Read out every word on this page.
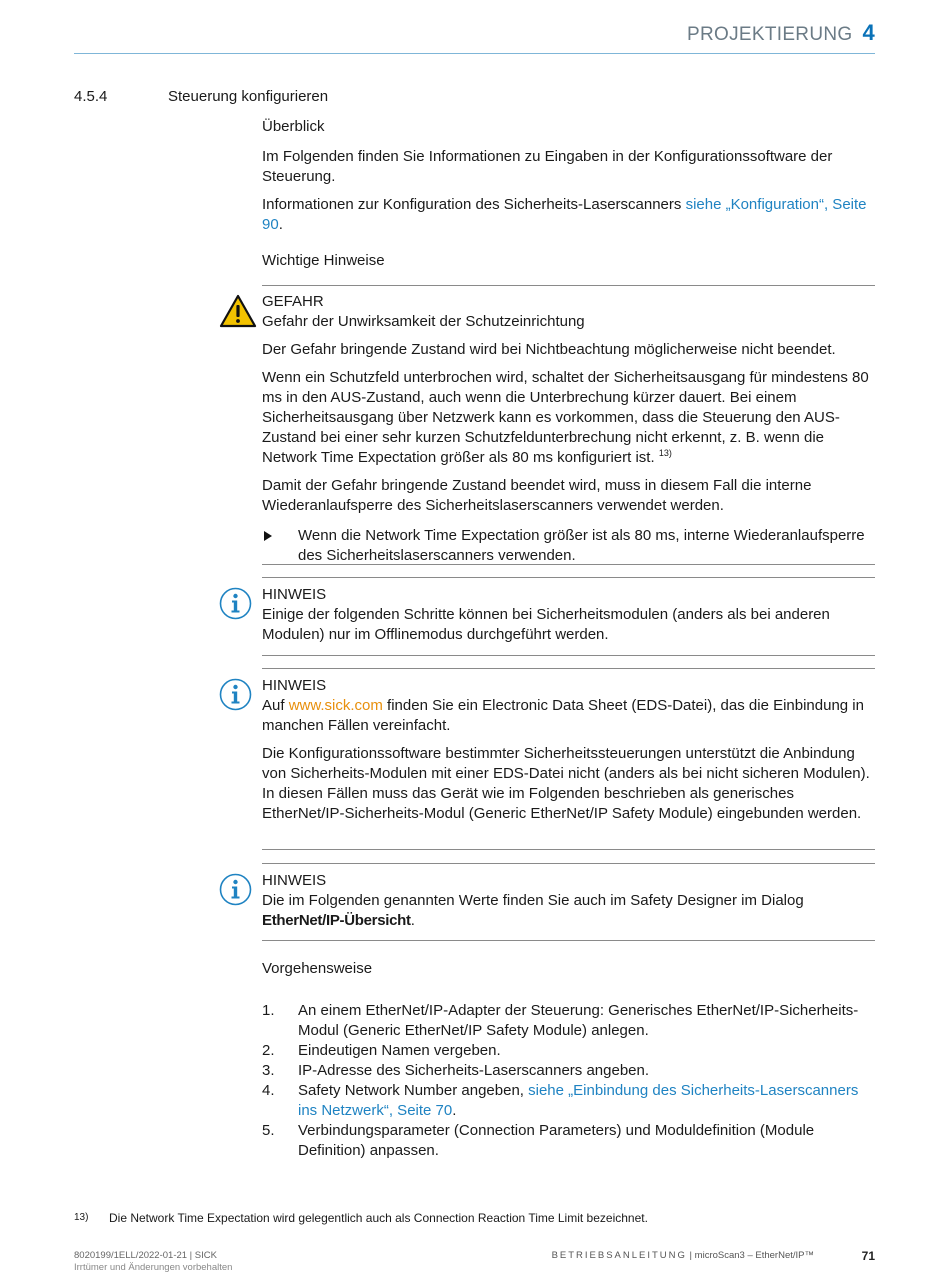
PROJEKTIERUNG 4
4.5.4	Steuerung konfigurieren

Überblick

Im Folgenden finden Sie Informationen zu Eingaben in der Konfigurationssoftware der Steuerung.

Informationen zur Konfiguration des Sicherheits-Laserscanners siehe „Konfiguration“, Seite 90.

Wichtige Hinweise
GEFAHR

Gefahr der Unwirksamkeit der Schutzeinrichtung

Der Gefahr bringende Zustand wird bei Nichtbeachtung möglicherweise nicht beendet.

Wenn ein Schutzfeld unterbrochen wird, schaltet der Sicherheitsausgang für mindestens 80 ms in den AUS-Zustand, auch wenn die Unterbrechung kürzer dauert. Bei einem Sicherheitsausgang über Netzwerk kann es vorkommen, dass die Steuerung den AUS-Zustand bei einer sehr kurzen Schutzfeldunterbrechung nicht erkennt, z. B. wenn die Network Time Expectation größer als 80 ms konfiguriert ist. $^{13)}$

Damit der Gefahr bringende Zustand beendet wird, muss in diesem Fall die interne Wiederanlaufsperre des Sicherheitslaserscanners verwendet werden.

Wenn die Network Time Expectation größer ist als 80 ms, interne Wiederanlaufsperre des Sicherheitslaserscanners verwenden.
HINWEIS

Einige der folgenden Schritte können bei Sicherheitsmodulen (anders als bei anderen Modulen) nur im Offlinemodus durchgeführt werden.

HINWEIS

Auf www.sick.com finden Sie ein Electronic Data Sheet (EDS-Datei), das die Einbindung in manchen Fällen vereinfacht.

Die Konfigurationssoftware bestimmter Sicherheitssteuerungen unterstützt die Anbindung von Sicherheits-Modulen mit einer EDS-Datei nicht (anders als bei nicht sicheren Modulen). In diesen Fällen muss das Gerät wie im Folgenden beschrieben als generisches EtherNet/IP-Sicherheits-Modul (Generic EtherNet/IP Safety Module) eingebunden werden.

HINWEIS

Die im Folgenden genannten Werte finden Sie auch im Safety Designer im Dialog EtherNet/IP-Übersicht.

Vorgehensweise

1. An einem EtherNet/IP-Adapter der Steuerung: Generisches EtherNet/IP-Sicherheits-Modul (Generic EtherNet/IP Safety Module) anlegen.
2. Eindeutigen Namen vergeben.
3. IP-Adresse des Sicherheits-Laserscanners angeben.
4. Safety Network Number angeben, siehe „Einbindung des Sicherheits-Laserscanners ins Netzwerk“, Seite 70.
5. Verbindungsparameter (Connection Parameters) und Moduldefinition (Module Definition) anpassen.
13) Die Network Time Expectation wird gelegentlich auch als Connection Reaction Time Limit bezeichnet.
8020199/1ELL/2022-01-21 | SICK
Irrtümer und Änderungen vorbehalten
BETRIEBSANLEITUNG | microScan3 – EtherNet/IP™	71
